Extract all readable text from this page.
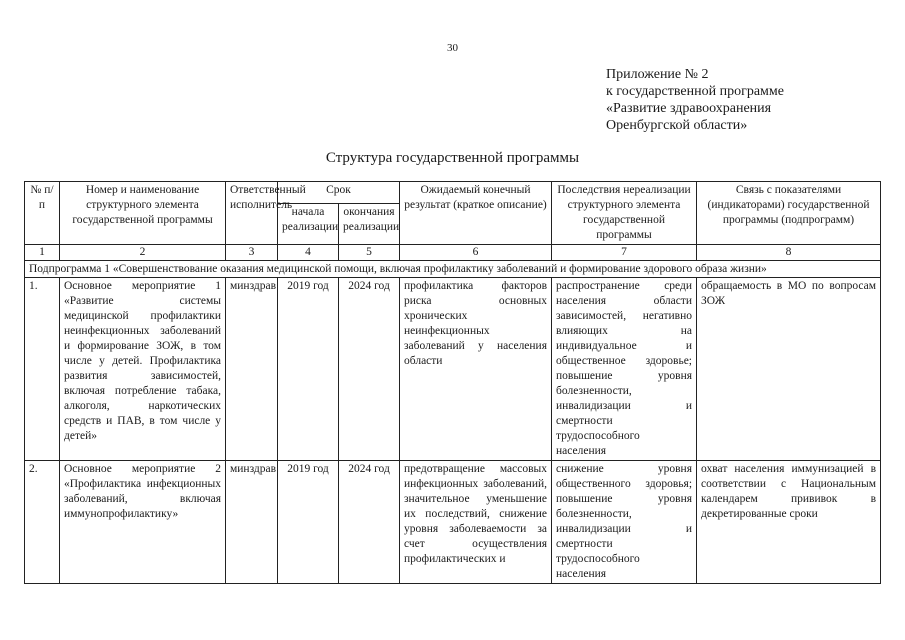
30
Приложение № 2
к государственной программе
«Развитие здравоохранения
Оренбургской области»
Структура государственной программы
№ п/п	Номер и наименование структурного элемента государственной программы	Ответственный исполнитель	Срок		Ожидаемый конечный результат (краткое описание)	Последствия нереализации структурного элемента государственной программы	Связь с показателями (индикаторами) государственной программы (подпрограмм)
			начала реализации	окончания реализации			
1	2	3	4	5	6	7	8
Подпрограмма 1 «Совершенствование оказания медицинской помощи, включая профилактику заболеваний и формирование здорового образа жизни»							
1.	Основное мероприятие 1 «Развитие системы медицинской профилактики неинфекционных заболеваний и формирование ЗОЖ, в том числе у детей. Профилактика развития зависимостей, включая потребление табака, алкоголя, наркотических средств и ПАВ, в том числе у детей»	минздрав	2019 год	2024 год	профилактика факторов риска основных хронических неинфекционных заболеваний у населения области	распространение среди населения области зависимостей, негативно влияющих на индивидуальное и общественное здоровье; повышение уровня болезненности, инвалидизации и смертности трудоспособного населения	обращаемость в МО по вопросам ЗОЖ
2.	Основное мероприятие 2 «Профилактика инфекционных заболеваний, включая иммунопрофилактику»	минздрав	2019 год	2024 год	предотвращение массовых инфекционных заболеваний, значительное уменьшение их последствий, снижение уровня заболеваемости за счет осуществления профилактических и	снижение уровня общественного здоровья; повышение уровня болезненности, инвалидизации и смертности трудоспособного населения	охват населения иммунизацией в соответствии с Национальным календарем прививок в декретированные сроки
